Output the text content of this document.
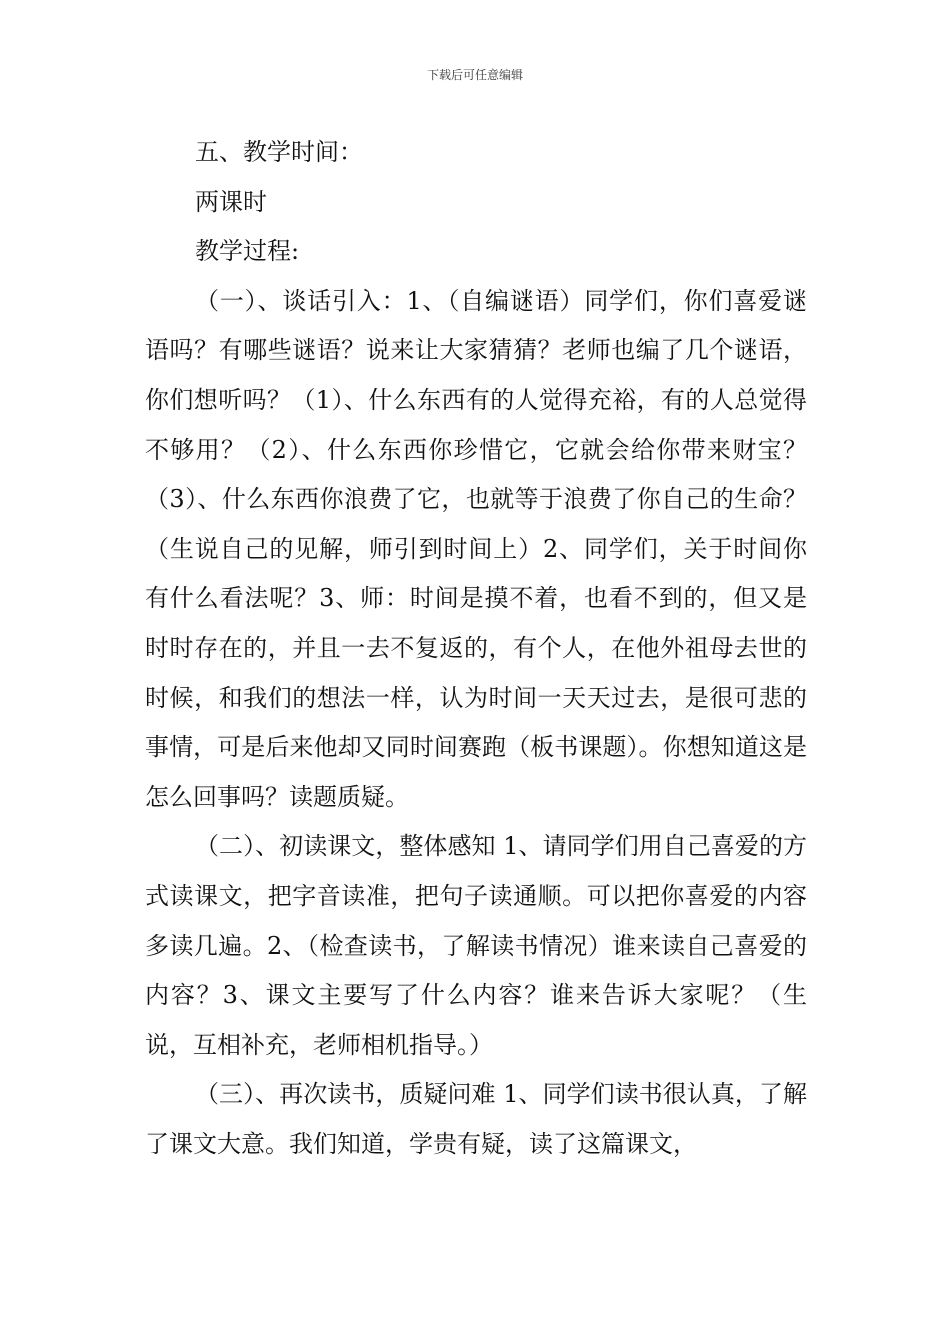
下载后可任意编辑

五、教学时间：

两课时

教学过程:

（一）、谈话引入：1、（自编谜语）同学们，你们喜爱谜语吗？有哪些谜语？说来让大家猜猜？老师也编了几个谜语，你们想听吗？（1）、什么东西有的人觉得充裕，有的人总觉得不够用？（2）、什么东西你珍惜它，它就会给你带来财宝？（3）、什么东西你浪费了它，也就等于浪费了你自己的生命？（生说自己的见解，师引到时间上）2、同学们，关于时间你有什么看法呢？3、师：时间是摸不着，也看不到的，但又是时时存在的，并且一去不复返的，有个人，在他外祖母去世的时候，和我们的想法一样，认为时间一天天过去，是很可悲的事情，可是后来他却又同时间赛跑（板书课题）。你想知道这是怎么回事吗？读题质疑。

（二）、初读课文，整体感知 1、请同学们用自己喜爱的方式读课文，把字音读准，把句子读通顺。可以把你喜爱的内容多读几遍。2、（检查读书，了解读书情况）谁来读自己喜爱的内容？3、课文主要写了什么内容？谁来告诉大家呢？（生说，互相补充，老师相机指导。）

（三）、再次读书，质疑问难 1、同学们读书很认真，了解了课文大意。我们知道，学贵有疑，读了这篇课文，
